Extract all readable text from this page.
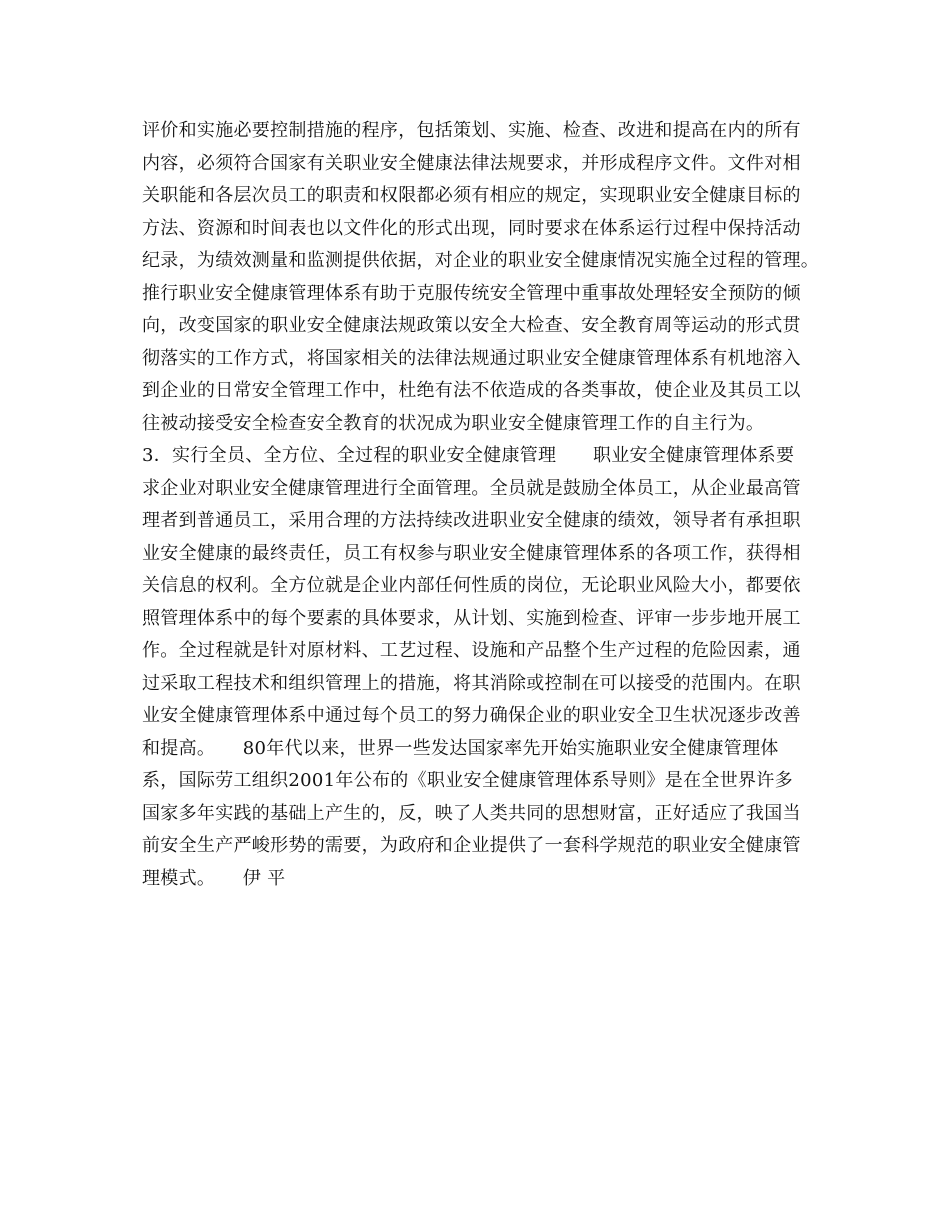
评价和实施必要控制措施的程序，包括策划、实施、检查、改进和提高在内的所有
内容，必须符合国家有关职业安全健康法律法规要求，并形成程序文件。文件对相
关职能和各层次员工的职责和权限都必须有相应的规定，实现职业安全健康目标的
方法、资源和时间表也以文件化的形式出现，同时要求在体系运行过程中保持活动
纪录，为绩效测量和监测提供依据，对企业的职业安全健康情况实施全过程的管理。
推行职业安全健康管理体系有助于克服传统安全管理中重事故处理轻安全预防的倾
向，改变国家的职业安全健康法规政策以安全大检查、安全教育周等运动的形式贯
彻落实的工作方式，将国家相关的法律法规通过职业安全健康管理体系有机地溶入
到企业的日常安全管理工作中，杜绝有法不依造成的各类事故，使企业及其员工以
往被动接受安全检查安全教育的状况成为职业安全健康管理工作的自主行为。
3．实行全员、全方位、全过程的职业安全健康管理　　职业安全健康管理体系要
求企业对职业安全健康管理进行全面管理。全员就是鼓励全体员工，从企业最高管
理者到普通员工，采用合理的方法持续改进职业安全健康的绩效，领导者有承担职
业安全健康的最终责任，员工有权参与职业安全健康管理体系的各项工作，获得相
关信息的权利。全方位就是企业内部任何性质的岗位，无论职业风险大小，都要依
照管理体系中的每个要素的具体要求，从计划、实施到检查、评审一步步地开展工
作。全过程就是针对原材料、工艺过程、设施和产品整个生产过程的危险因素，通
过采取工程技术和组织管理上的措施，将其消除或控制在可以接受的范围内。在职
业安全健康管理体系中通过每个员工的努力确保企业的职业安全卫生状况逐步改善
和提高。　　80年代以来，世界一些发达国家率先开始实施职业安全健康管理体
系，国际劳工组织2001年公布的《职业安全健康管理体系导则》是在全世界许多
国家多年实践的基础上产生的，反，映了人类共同的思想财富，正好适应了我国当
前安全生产严峻形势的需要，为政府和企业提供了一套科学规范的职业安全健康管
理模式。　　伊 平
